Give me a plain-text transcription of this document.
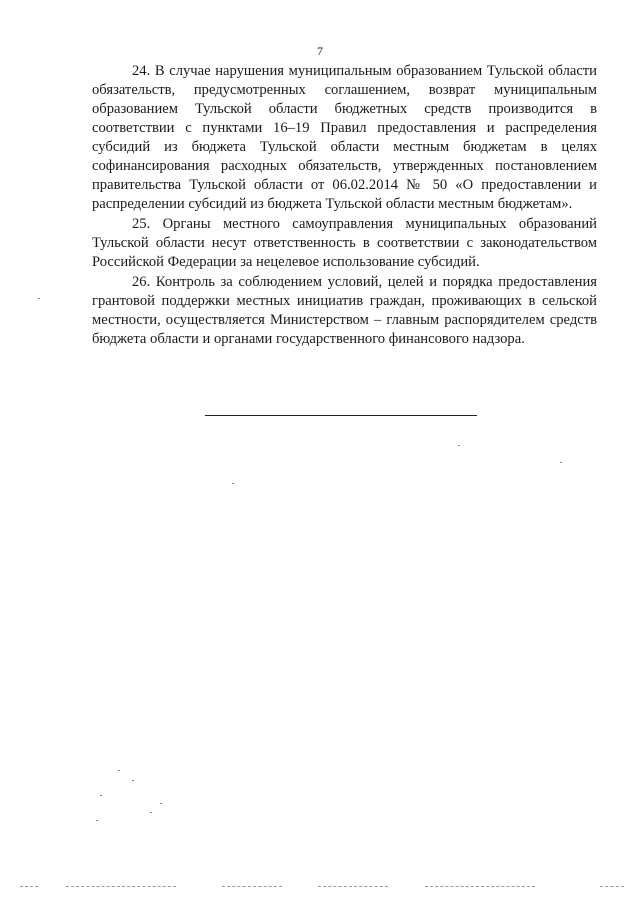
7

24. В случае нарушения муниципальным образованием Тульской области обязательств, предусмотренных соглашением, возврат муниципальным образованием Тульской области бюджетных средств производится в соответствии с пунктами 16–19 Правил предоставления и распределения субсидий из бюджета Тульской области местным бюджетам в целях софинансирования расходных обязательств, утвержденных постановлением правительства Тульской области от 06.02.2014 № 50 «О предоставлении и распределении субсидий из бюджета Тульской области местным бюджетам».

25. Органы местного самоуправления муниципальных образований Тульской области несут ответственность в соответствии с законодательством Российской Федерации за нецелевое использование субсидий.

26. Контроль за соблюдением условий, целей и порядка предоставления грантовой поддержки местных инициатив граждан, проживающих в сельской местности, осуществляется Министерством – главным распорядителем средств бюджета области и органами государственного финансового надзора.
